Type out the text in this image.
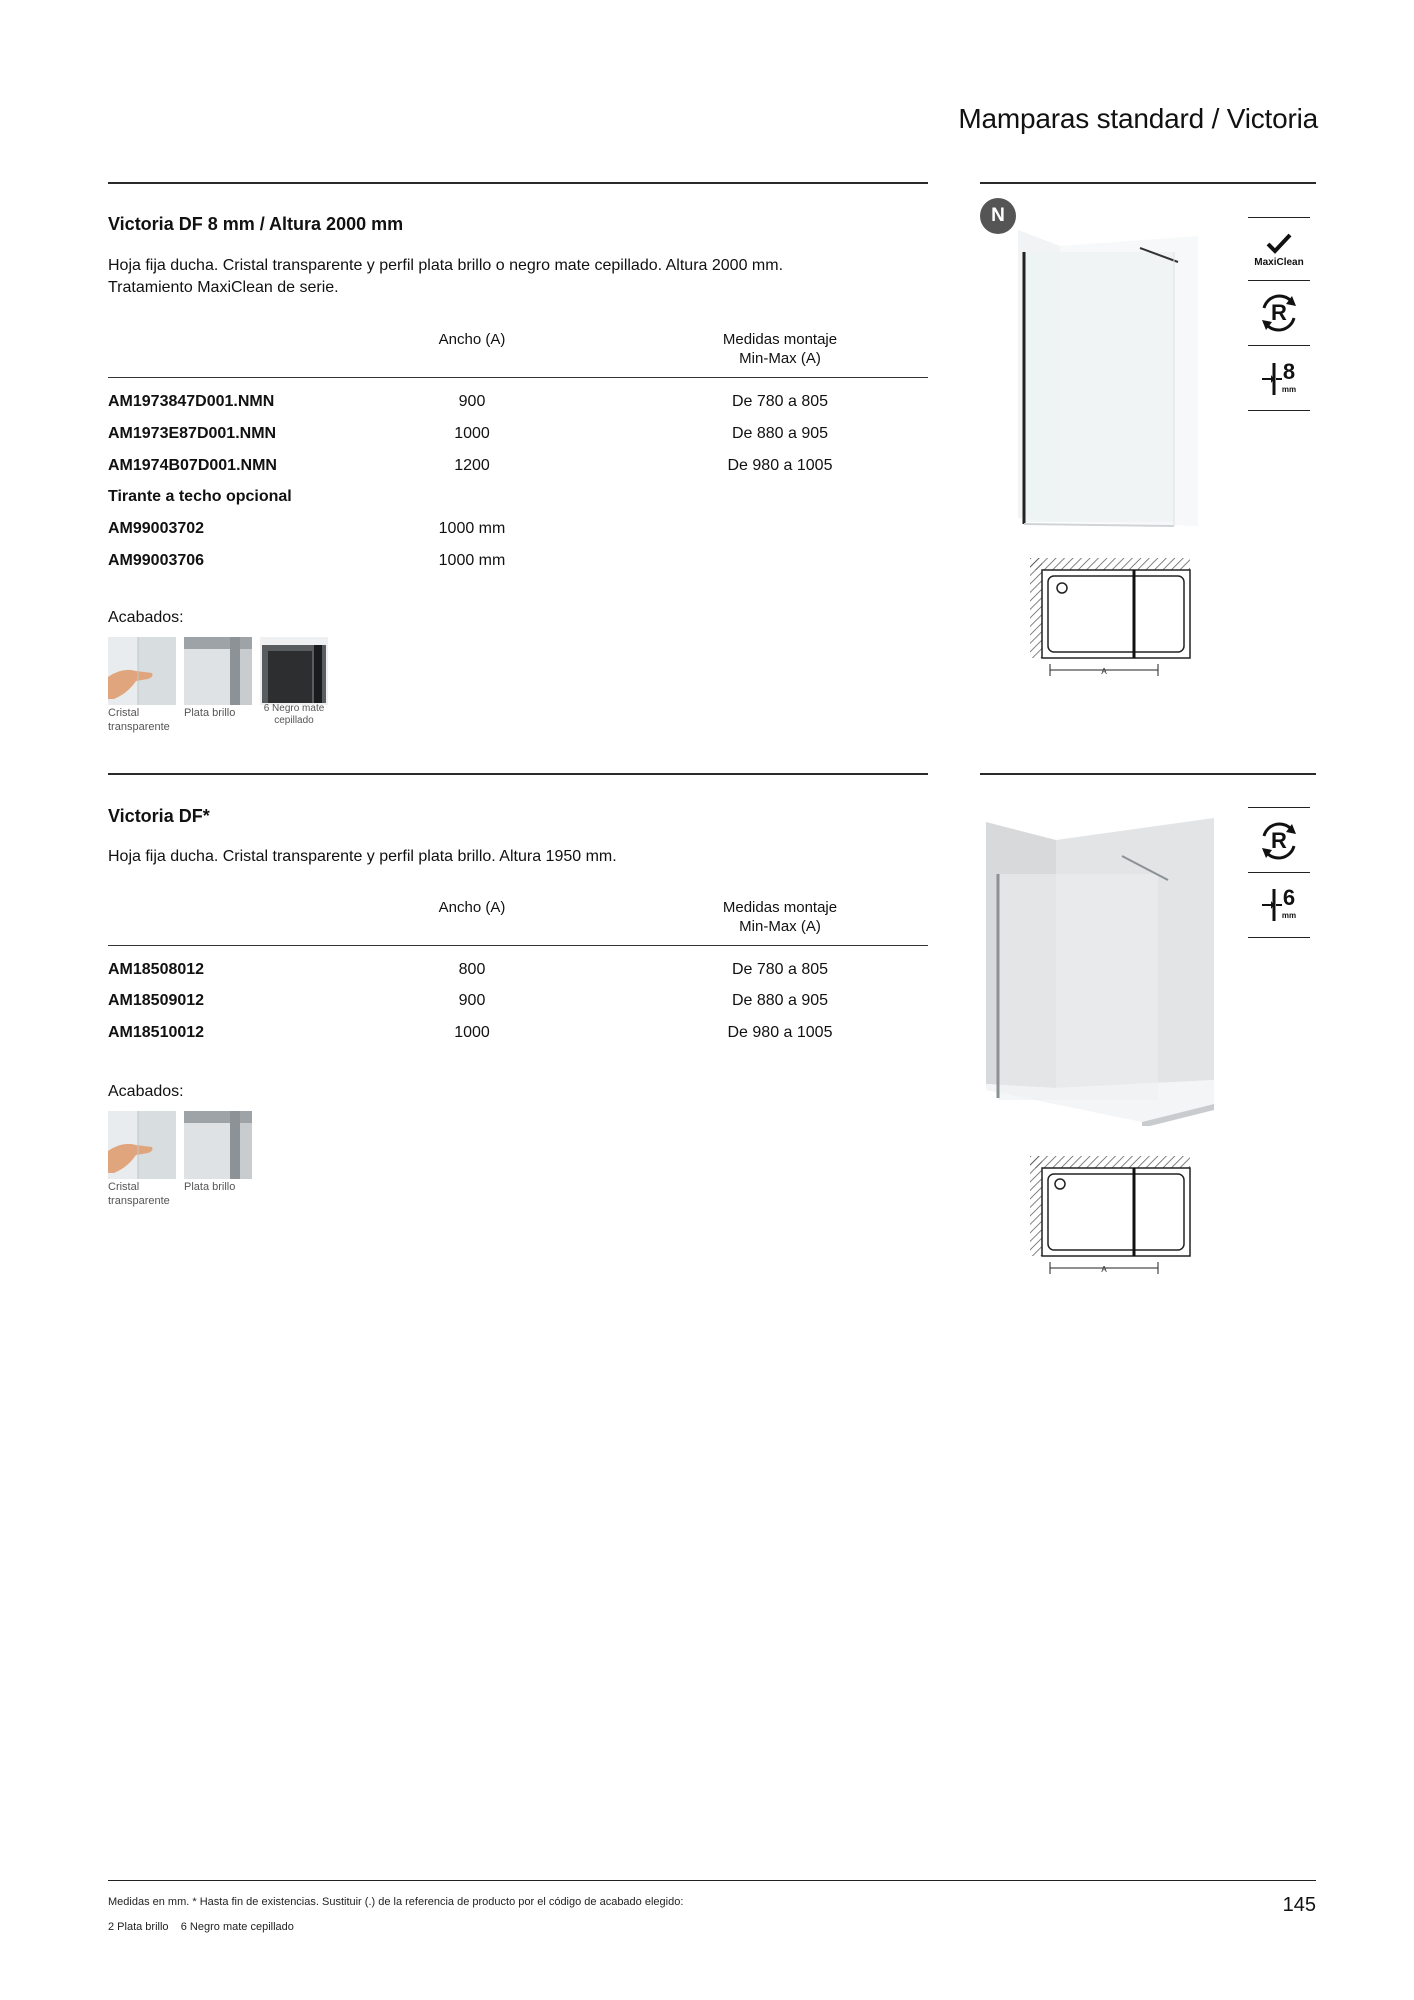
Mamparas standard / Victoria
Victoria DF 8 mm / Altura 2000 mm
Hoja fija ducha. Cristal transparente y perfil plata brillo o negro mate cepillado. Altura 2000 mm.
Tratamiento MaxiClean de serie.
Ancho (A)	Medidas montaje
Min-Max (A)
AM1973847D001.NMN	900	De 780 a 805
AM1973E87D001.NMN	1000	De 880 a 905
AM1974B07D001.NMN	1200	De 980 a 1005
Tirante a techo opcional
AM99003702	1000 mm
AM99003706	1000 mm
Acabados:
Cristal
transparente
Plata brillo	6 Negro mate
cepillado
N
MaxiClean
R
8
mm
A
Victoria DF*
Hoja fija ducha. Cristal transparente y perfil plata brillo. Altura 1950 mm.
Ancho (A)	Medidas montaje
Min-Max (A)
AM18508012	800	De 780 a 805
AM18509012	900	De 880 a 905
AM18510012	1000	De 980 a 1005
Acabados:
Cristal
transparente
Plata brillo
R
6
mm
A
Medidas en mm. * Hasta fin de existencias. Sustituir (.) de la referencia de producto por el código de acabado elegido:
2 Plata brillo    6 Negro mate cepillado
145
